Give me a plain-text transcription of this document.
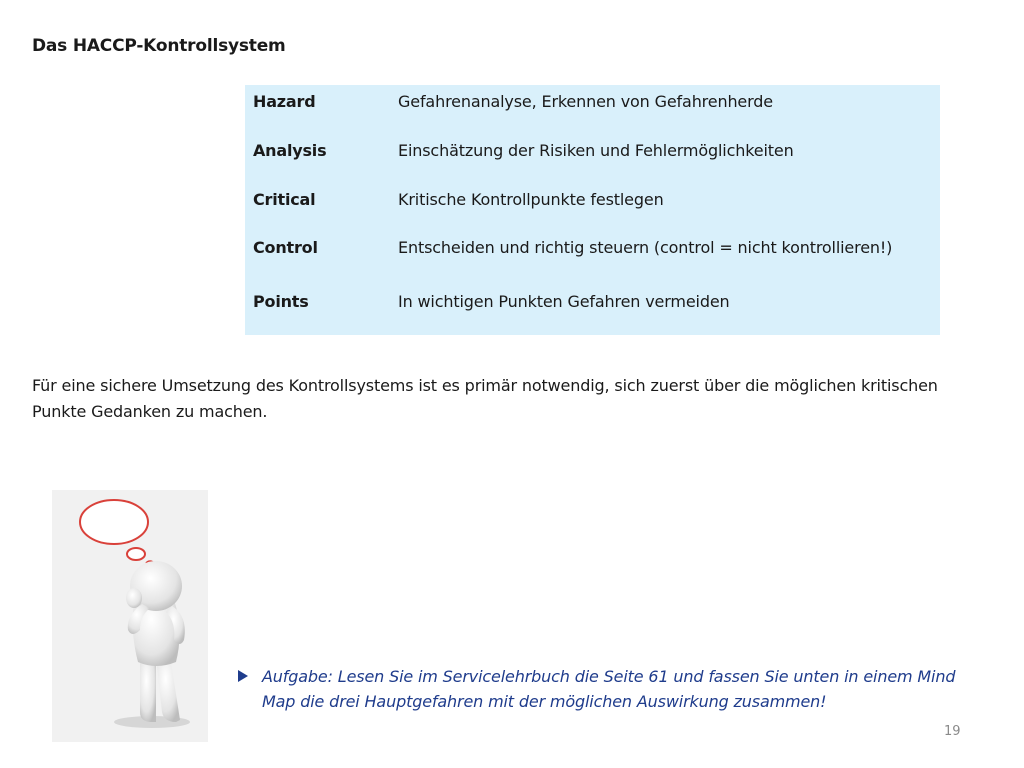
Das HACCP-Kontrollsystem
Hazard	Gefahrenanalyse, Erkennen von Gefahrenherde
Analysis	Einschätzung der Risiken und Fehlermöglichkeiten
Critical	Kritische Kontrollpunkte festlegen
Control	Entscheiden und richtig steuern (control = nicht kontrollieren!)
Points	In wichtigen Punkten Gefahren vermeiden
Für eine sichere Umsetzung des Kontrollsystems ist es primär notwendig, sich zuerst über die möglichen kritischen Punkte Gedanken zu machen.
Aufgabe: Lesen Sie im Servicelehrbuch die Seite 61 und fassen Sie unten in einem Mind Map die drei Hauptgefahren mit der möglichen Auswirkung zusammen!
19
